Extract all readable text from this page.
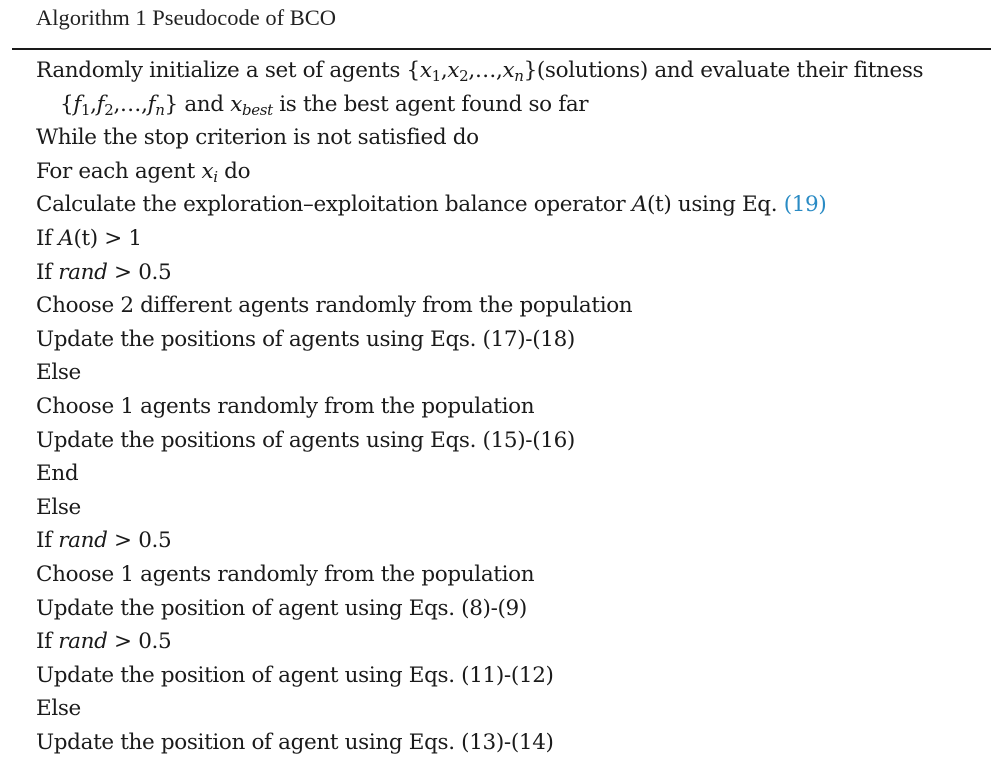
Algorithm 1 Pseudocode of BCO
Randomly initialize a set of agents $\{x_1,x_2,\dots,x_n\}(solutions)$ and evaluate their fitness
$\{f_1,f_2,\dots,f_n\}$ and $x_{best}$ is the best agent found so far
While the stop criterion is not satisfied do
For each agent $x_i$ do
Calculate the exploration–exploitation balance operator A(t) using Eq. (19)
If A(t) > 1
If rand > 0.5
Choose 2 different agents randomly from the population
Update the positions of agents using Eqs. (17)-(18)
Else
Choose 1 agents randomly from the population
Update the positions of agents using Eqs. (15)-(16)
End
Else
If rand > 0.5
Choose 1 agents randomly from the population
Update the position of agent using Eqs. (8)-(9)
If rand > 0.5
Update the position of agent using Eqs. (11)-(12)
Else
Update the position of agent using Eqs. (13)-(14)
